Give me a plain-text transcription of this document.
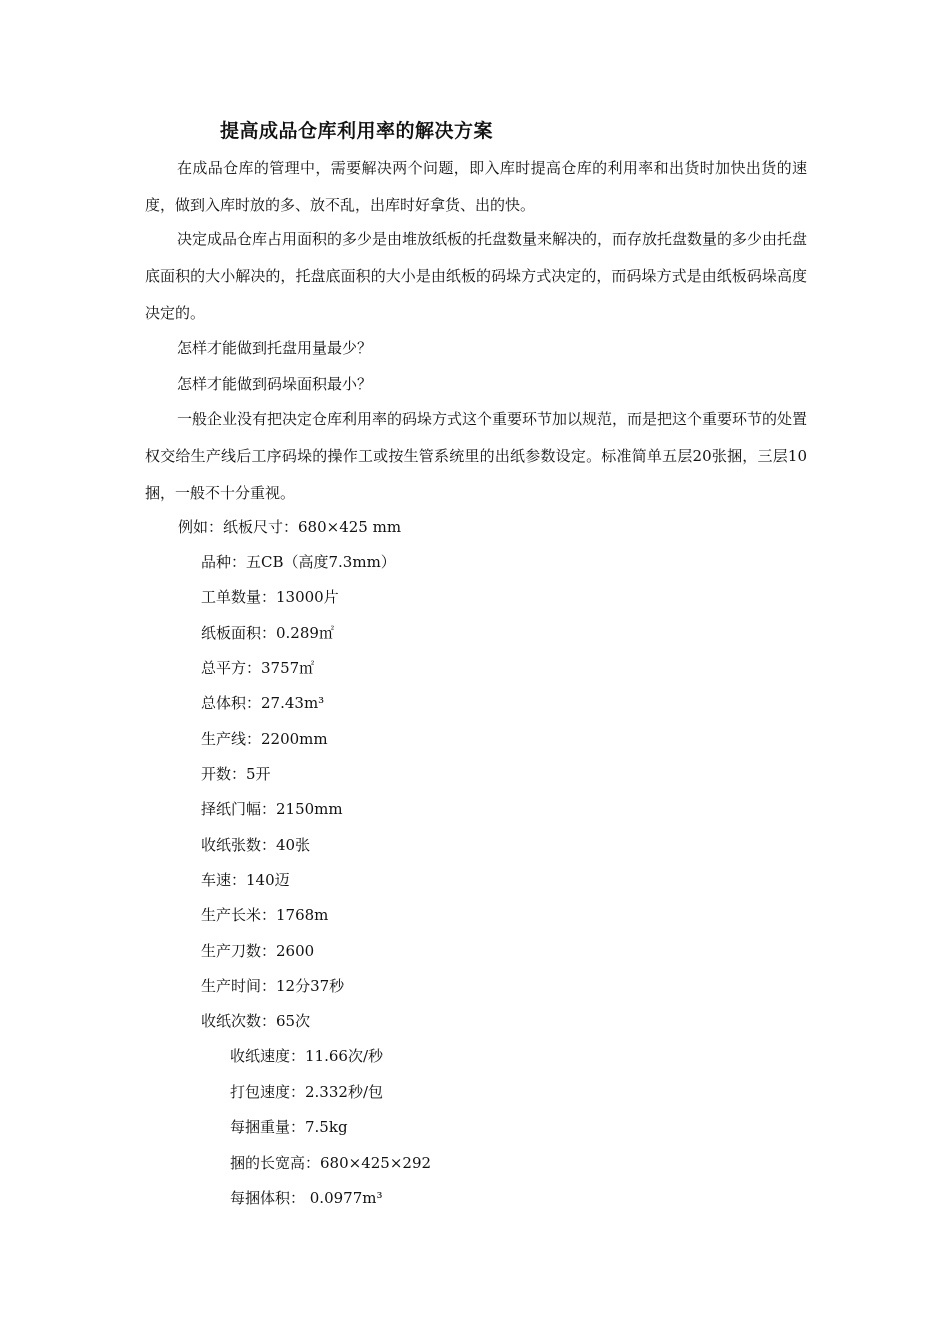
提高成品仓库利用率的解决方案

在成品仓库的管理中，需要解决两个问题，即入库时提高仓库的利用率和出货时加快出货的速度，做到入库时放的多、放不乱，出库时好拿货、出的快。

决定成品仓库占用面积的多少是由堆放纸板的托盘数量来解决的，而存放托盘数量的多少由托盘底面积的大小解决的，托盘底面积的大小是由纸板的码垛方式决定的，而码垛方式是由纸板码垛高度决定的。

怎样才能做到托盘用量最少？

怎样才能做到码垛面积最小？

一般企业没有把决定仓库利用率的码垛方式这个重要环节加以规范，而是把这个重要环节的处置权交给生产线后工序码垛的操作工或按生管系统里的出纸参数设定。标准简单五层20张捆，三层10捆，一般不十分重视。

例如：纸板尺寸：680×425 mm
品种：五CB（高度7.3mm）
工单数量：13000片
纸板面积：0.289㎡
总平方：3757㎡
总体积：27.43m³
生产线：2200mm
开数：5开
择纸门幅：2150mm
收纸张数：40张
车速：140迈
生产长米：1768m
生产刀数：2600
生产时间：12分37秒
收纸次数：65次
收纸速度：11.66次/秒
打包速度：2.332秒/包
每捆重量：7.5kg
捆的长宽高：680×425×292
每捆体积： 0.0977m³
